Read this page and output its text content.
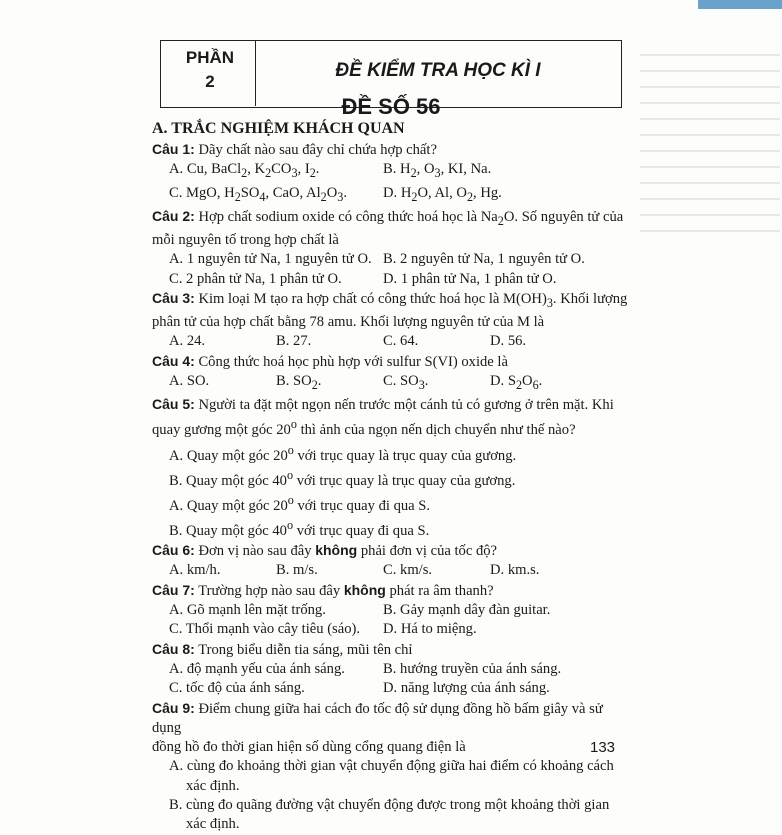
PHẦN
2
ĐỀ KIỂM TRA HỌC KÌ I
ĐỀ SỐ 56
A. TRẮC NGHIỆM KHÁCH QUAN
Câu 1: Dãy chất nào sau đây chỉ chứa hợp chất?
A. Cu, BaCl$_2$, $K_2CO_3$, $I_2$.	B. $H_2$, $O_3$, KI, Na.
C. MgO, $H_2SO_4$, CaO, $Al_2O_3$.	D. $H_2O$, Al, $O_2$, Hg.
Câu 2: Hợp chất sodium oxide có công thức hoá học là $Na_2O$. Số nguyên tử của
mỗi nguyên tố trong hợp chất là
A. 1 nguyên tử Na, 1 nguyên tử O. B. 2 nguyên tử Na, 1 nguyên tử O.
C. 2 phân tử Na, 1 phân tử O.	D. 1 phân tử Na, 1 phân tử O.
Câu 3: Kim loại M tạo ra hợp chất có công thức hoá học là $M(OH)_3$. Khối lượng
phân tử của hợp chất bằng 78 amu. Khối lượng nguyên tử của M là
A. 24.	B. 27.	C. 64.	D. 56.
Câu 4: Công thức hoá học phù hợp với sulfur S(VI) oxide là
A. SO.	B. $SO_2$.	C. $SO_3$.	D. $S_2O_6$.
Câu 5: Người ta đặt một ngọn nến trước một cánh tủ có gương ở trên mặt. Khi
quay gương một góc 20$^o$ thì ảnh của ngọn nến dịch chuyển như thế nào?
A. Quay một góc 20$^o$ với trục quay là trục quay của gương.
B. Quay một góc 40$^o$ với trục quay là trục quay của gương.
A. Quay một góc 20$^o$ với trục quay đi qua S.
B. Quay một góc 40$^o$ với trục quay đi qua S.
Câu 6: Đơn vị nào sau đây không phải đơn vị của tốc độ?
A. km/h.	B. m/s.	C. km/s.	D. km.s.
Câu 7: Trường hợp nào sau đây không phát ra âm thanh?
A. Gõ mạnh lên mặt trống.	B. Gảy mạnh dây đàn guitar.
C. Thổi mạnh vào cây tiêu (sáo).	D. Há to miệng.
Câu 8: Trong biểu diễn tia sáng, mũi tên chỉ
A. độ mạnh yếu của ánh sáng.	B. hướng truyền của ánh sáng.
C. tốc độ của ánh sáng.	D. năng lượng của ánh sáng.
Câu 9: Điểm chung giữa hai cách đo tốc độ sử dụng đồng hồ bấm giây và sử dụng
đồng hồ đo thời gian hiện số dùng cổng quang điện là
A. cùng đo khoảng thời gian vật chuyển động giữa hai điểm có khoảng cách
xác định.
B. cùng đo quãng đường vật chuyển động được trong một khoảng thời gian
xác định.
133
